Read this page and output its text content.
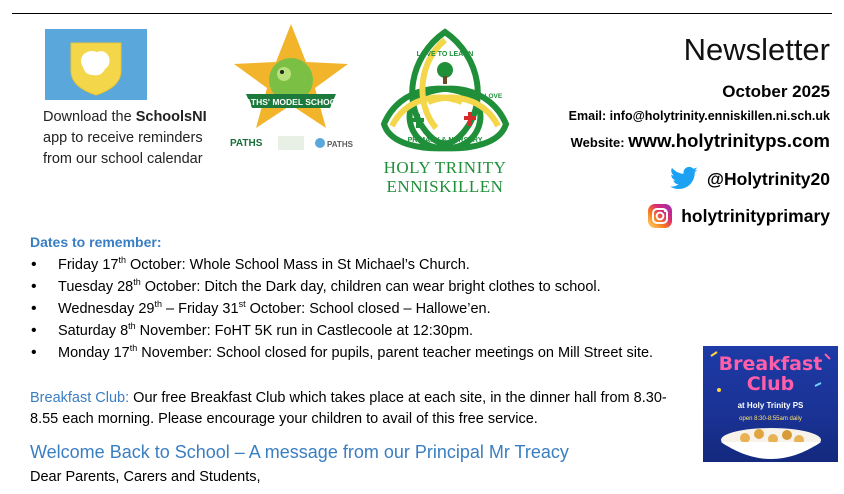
Download the SchoolsNI
app to receive reminders
from our school calendar
PATHS' MODEL SCHOOL
PATHS	PATHS
LOVE TO LEARN
TO LOVE
PRIMARY & NURSERY
HOLY TRINITY
ENNISKILLEN
Newsletter
October 2025
Email: info@holytrinity.enniskillen.ni.sch.uk
Website: www.holytrinityps.com
@Holytrinity20
holytrinityprimary
Dates to remember:
• Friday 17th October: Whole School Mass in St Michael’s Church.
• Tuesday 28th October: Ditch the Dark day, children can wear bright clothes to school.
• Wednesday 29th – Friday 31st October: School closed – Hallowe’en.
• Saturday 8th November: FoHT 5K run in Castlecoole at 12:30pm.
• Monday 17th November: School closed for pupils, parent teacher meetings on Mill Street site.
Breakfast Club: Our free Breakfast Club which takes place at each site, in the dinner hall from 8.30-8.55 each morning. Please encourage your children to avail of this free service.
Breakfast
Club
at Holy Trinity PS
open 8:30-8:55am daily
Welcome Back to School – A message from our Principal Mr Treacy
Dear Parents, Carers and Students,
